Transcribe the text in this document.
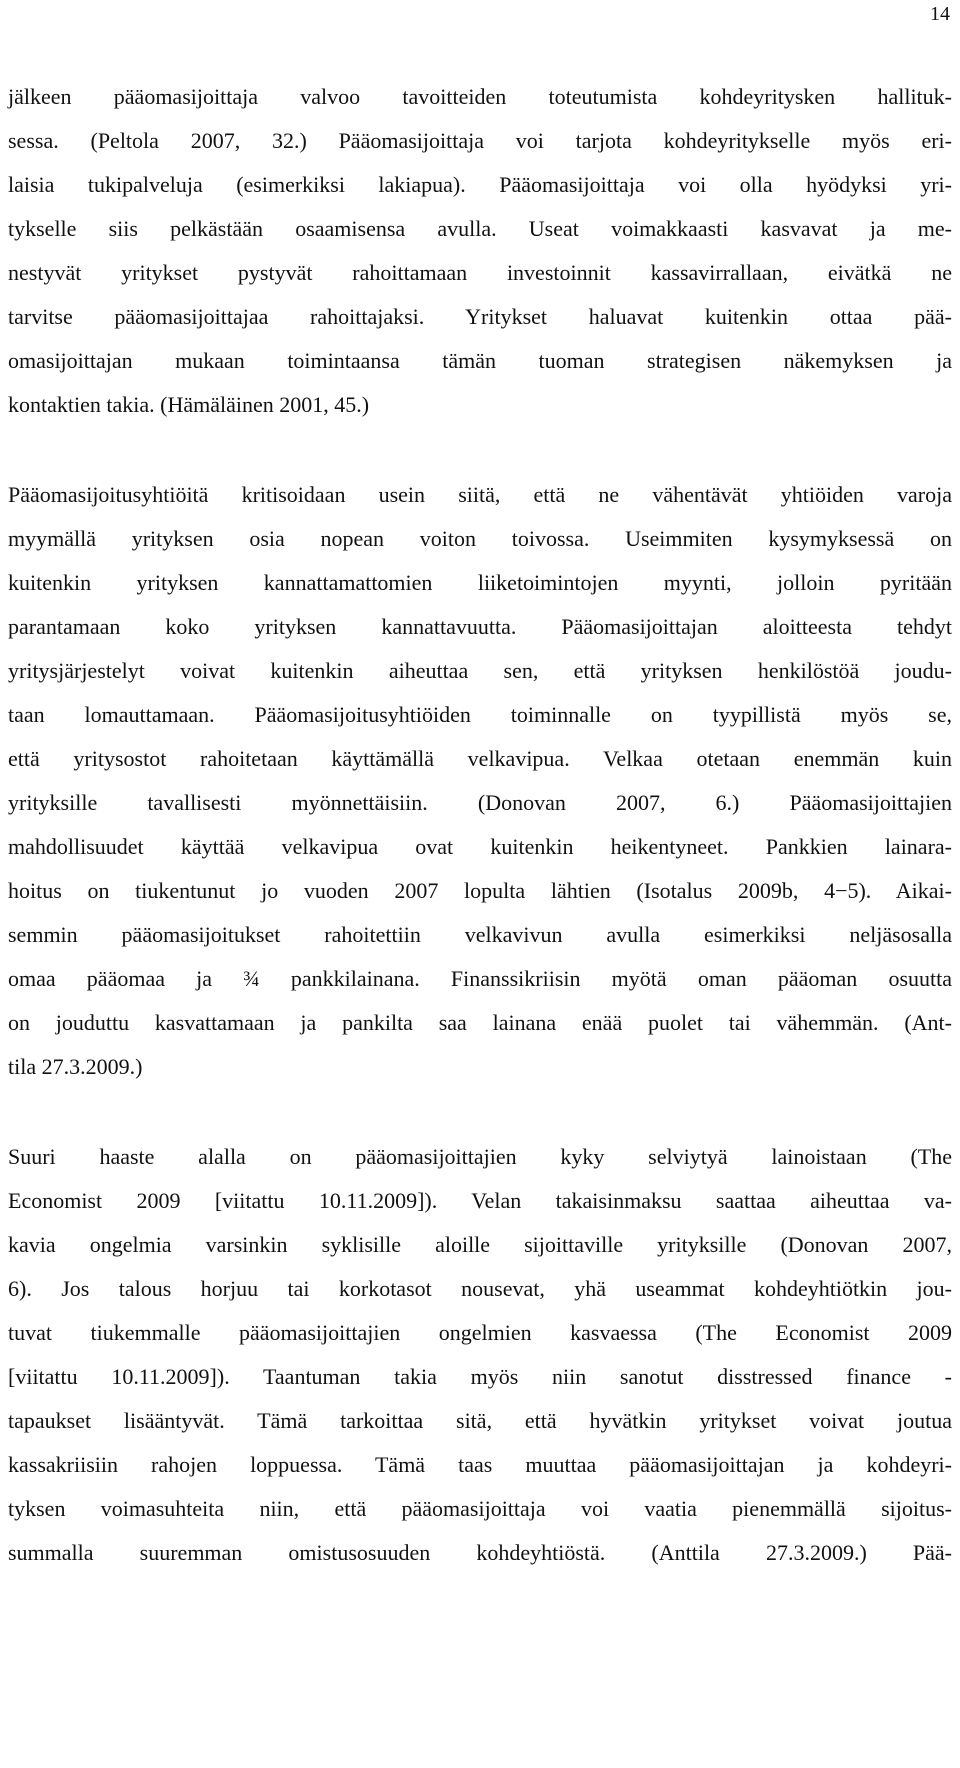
14
jälkeen pääomasijoittaja valvoo tavoitteiden toteutumista kohdeyritysken hallituk-
sessa. (Peltola 2007, 32.) Pääomasijoittaja voi tarjota kohdeyritykselle myös eri-
laisia tukipalveluja (esimerkiksi lakiapua). Pääomasijoittaja voi olla hyödyksi yri-
tykselle siis pelkästään osaamisensa avulla. Useat voimakkaasti kasvavat ja me-
nestyvät yritykset pystyvät rahoittamaan investoinnit kassavirrallaan, eivätkä ne
tarvitse pääomasijoittajaa rahoittajaksi. Yritykset haluavat kuitenkin ottaa pää-
omasijoittajan mukaan toimintaansa tämän tuoman strategisen näkemyksen ja
kontaktien takia. (Hämäläinen 2001, 45.)
Pääomasijoitusyhtiöitä kritisoidaan usein siitä, että ne vähentävät yhtiöiden varoja
myymällä yrityksen osia nopean voiton toivossa. Useimmiten kysymyksessä on
kuitenkin yrityksen kannattamattomien liiketoimintojen myynti, jolloin pyritään
parantamaan koko yrityksen kannattavuutta. Pääomasijoittajan aloitteesta tehdyt
yritysjärjestelyt voivat kuitenkin aiheuttaa sen, että yrityksen henkilöstöä joudu-
taan lomauttamaan. Pääomasijoitusyhtiöiden toiminnalle on tyypillistä myös se,
että yritysostot rahoitetaan käyttämällä velkavipua. Velkaa otetaan enemmän kuin
yrityksille tavallisesti myönnettäisiin. (Donovan 2007, 6.) Pääomasijoittajien
mahdollisuudet käyttää velkavipua ovat kuitenkin heikentyneet. Pankkien lainara-
hoitus on tiukentunut jo vuoden 2007 lopulta lähtien (Isotalus 2009b, 4−5). Aikai-
semmin pääomasijoitukset rahoitettiin velkavivun avulla esimerkiksi neljäsosalla
omaa pääomaa ja ¾ pankkilainana. Finanssikriisin myötä oman pääoman osuutta
on jouduttu kasvattamaan ja pankilta saa lainana enää puolet tai vähemmän. (Ant-
tila 27.3.2009.)
Suuri haaste alalla on pääomasijoittajien kyky selviytyä lainoistaan (The
Economist 2009 [viitattu 10.11.2009]). Velan takaisinmaksu saattaa aiheuttaa va-
kavia ongelmia varsinkin syklisille aloille sijoittaville yrityksille (Donovan 2007,
6). Jos talous horjuu tai korkotasot nousevat, yhä useammat kohdeyhtiötkin jou-
tuvat tiukemmalle pääomasijoittajien ongelmien kasvaessa (The Economist 2009
[viitattu 10.11.2009]). Taantuman takia myös niin sanotut disstressed finance -
tapaukset lisääntyvät. Tämä tarkoittaa sitä, että hyvätkin yritykset voivat joutua
kassakriisiin rahojen loppuessa. Tämä taas muuttaa pääomasijoittajan ja kohdeyri-
tyksen voimasuhteita niin, että pääomasijoittaja voi vaatia pienemmällä sijoitus-
summalla suuremman omistusosuuden kohdeyhtiöstä. (Anttila 27.3.2009.) Pää-
